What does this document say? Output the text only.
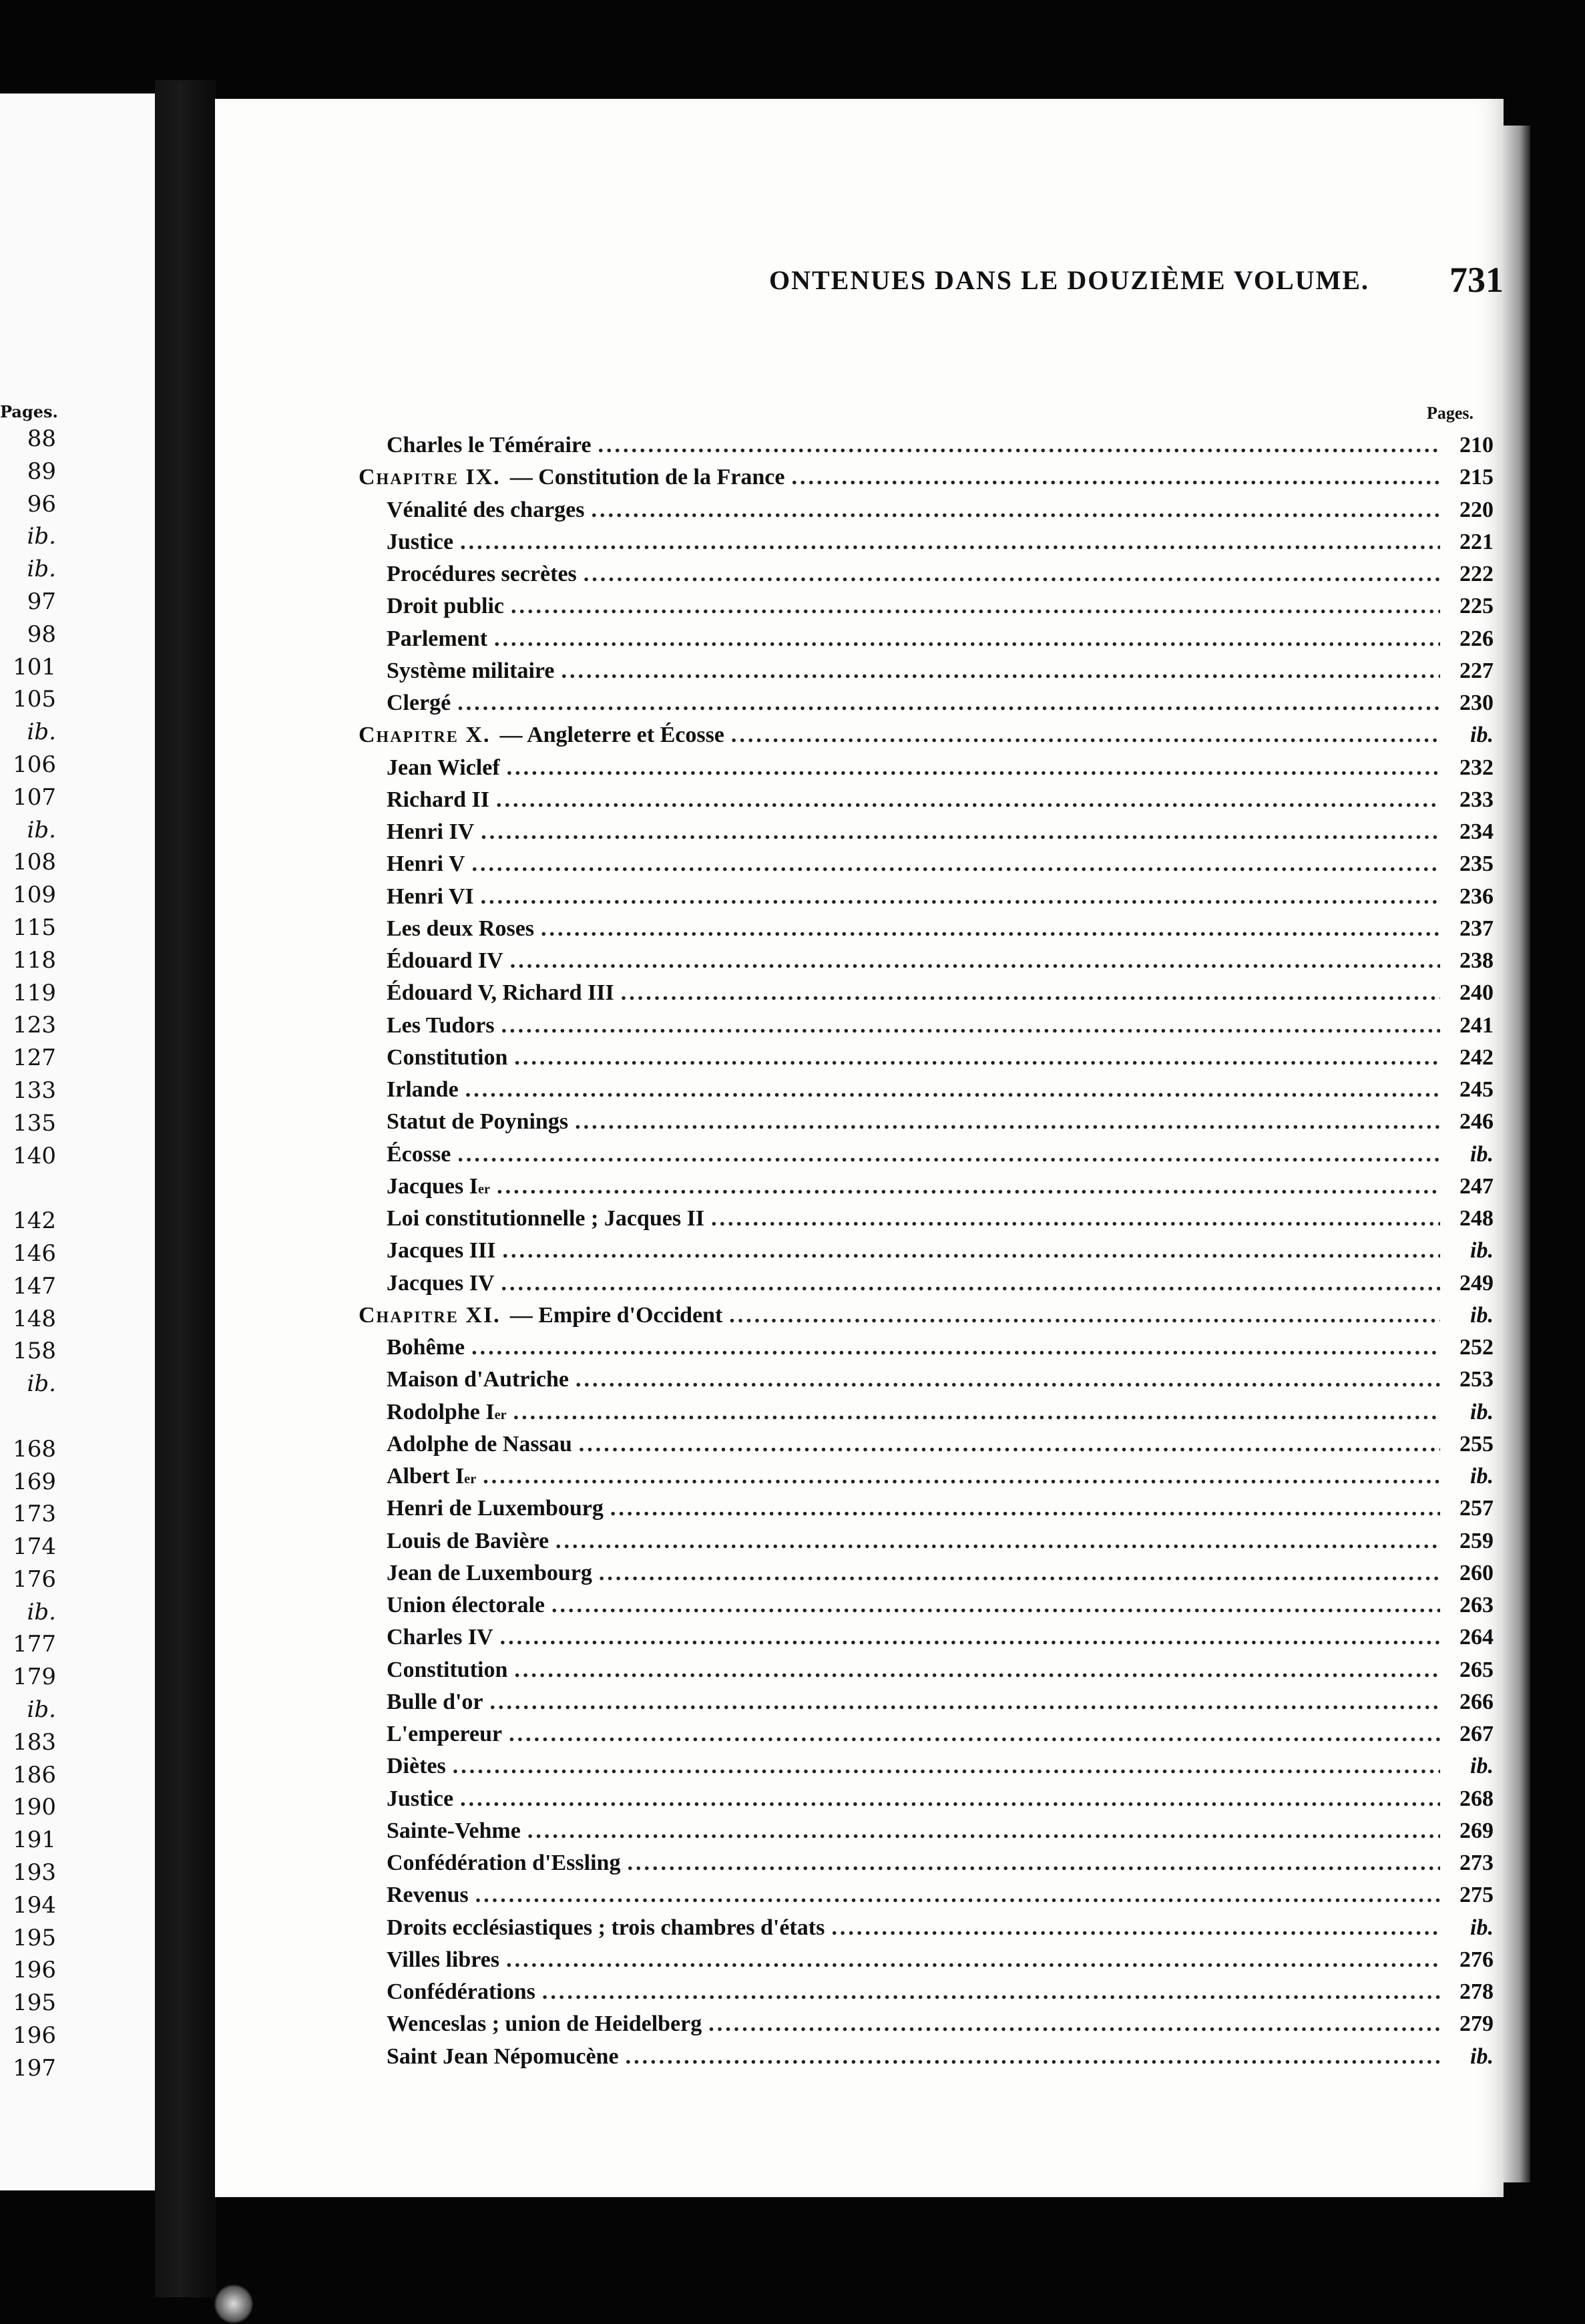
Pages.
88
89
96
ib.
ib.
97
98
101
105
ib.
106
107
ib.
108
109
115
118
119
123
127
133
135
140
142
146
147
148
158
ib.
168
169
173
174
176
ib.
177
179
ib.
183
186
190
191
193
194
195
196
195
196
197
ONTENUES DANS LE DOUZIÈME VOLUME. 731
Pages.
Charles le Téméraire .....	210
Chapitre IX. — Constitution de la France .....	215
Vénalité des charges .....	220
Justice .....	221
Procédures secrètes .....	222
Droit public .....	225
Parlement .....	226
Système militaire .....	227
Clergé .....	230
Chapitre X. — Angleterre et Écosse .....	ib.
Jean Wiclef .....	232
Richard II .....	233
Henri IV .....	234
Henri V .....	235
Henri VI .....	236
Les deux Roses .....	237
Édouard IV .....	238
Édouard V, Richard III .....	240
Les Tudors .....	241
Constitution .....	242
Irlande .....	245
Statut de Poynings .....	246
Écosse .....	ib.
Jacques I er .....	247
Loi constitutionnelle ; Jacques II .....	248
Jacques III .....	ib.
Jacques IV .....	249
Chapitre XI. — Empire d'Occident .....	ib.
Bohême .....	252
Maison d'Autriche .....	253
Rodolphe I er .....	ib.
Adolphe de Nassau .....	255
Albert I er .....	ib.
Henri de Luxembourg .....	257
Louis de Bavière .....	259
Jean de Luxembourg .....	260
Union électorale .....	263
Charles IV .....	264
Constitution .....	265
Bulle d'or .....	266
L'empereur .....	267
Diètes .....	ib.
Justice .....	268
Sainte-Vehme .....	269
Confédération d'Essling .....	273
Revenus .....	275
Droits ecclésiastiques ; trois chambres d'états .....	ib.
Villes libres .....	276
Confédérations .....	278
Wenceslas ; union de Heidelberg .....	279
Saint Jean Népomucène .....	ib.
